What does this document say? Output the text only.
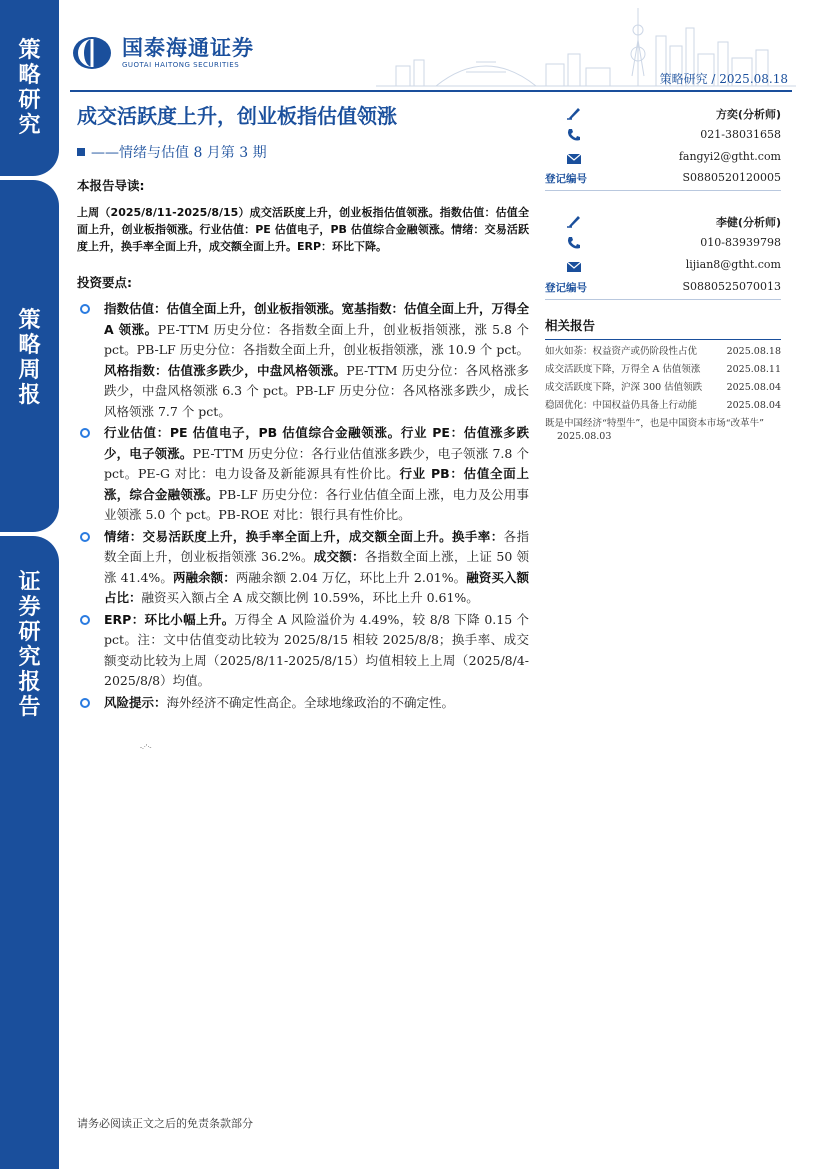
策
略
研
究
策
略
周
报
证
券
研
究
报
告
国泰海通证券
GUOTAI HAITONG SECURITIES
策略研究 / 2025.08.18
成交活跃度上升，创业板指估值领涨
——情绪与估值 8 月第 3 期
本报告导读:
上周（2025/8/11-2025/8/15）成交活跃度上升，创业板指估值领涨。指数估值：估值全面上升，创业板指领涨。行业估值：PE 估值电子，PB 估值综合金融领涨。情绪：交易活跃度上升，换手率全面上升，成交额全面上升。ERP：环比下降。
投资要点:
指数估值：估值全面上升，创业板指领涨。宽基指数：估值全面上升，万得全 A 领涨。PE-TTM 历史分位：各指数全面上升，创业板指领涨，涨 5.8 个 pct。PB-LF 历史分位：各指数全面上升，创业板指领涨，涨 10.9 个 pct。风格指数：估值涨多跌少，中盘风格领涨。PE-TTM 历史分位：各风格涨多跌少，中盘风格领涨 6.3 个 pct。PB-LF 历史分位：各风格涨多跌少，成长风格领涨 7.7 个 pct。
行业估值：PE 估值电子，PB 估值综合金融领涨。行业 PE：估值涨多跌少，电子领涨。PE-TTM 历史分位：各行业估值涨多跌少，电子领涨 7.8 个 pct。PE-G 对比：电力设备及新能源具有性价比。行业 PB：估值全面上涨，综合金融领涨。PB-LF 历史分位：各行业估值全面上涨，电力及公用事业领涨 5.0 个 pct。PB-ROE 对比：银行具有性价比。
情绪：交易活跃度上升，换手率全面上升，成交额全面上升。换手率：各指数全面上升，创业板指领涨 36.2%。成交额：各指数全面上涨，上证 50 领涨 41.4%。两融余额：两融余额 2.04 万亿，环比上升 2.01%。融资买入额占比：融资买入额占全 A 成交额比例 10.59%，环比上升 0.61%。
ERP：环比小幅上升。万得全 A 风险溢价为 4.49%，较 8/8 下降 0.15 个 pct。注：文中估值变动比较为 2025/8/15 相较 2025/8/8；换手率、成交额变动比较为上周（2025/8/11-2025/8/15）均值相较上上周（2025/8/4-2025/8/8）均值。
风险提示：海外经济不确定性高企。全球地缘政治的不确定性。
-.·'·-
方奕(分析师)
021-38031658
fangyi2@gtht.com
登记编号	S0880520120005
李健(分析师)
010-83939798
lijian8@gtht.com
登记编号	S0880525070013
相关报告
如火如荼：权益资产或仍阶段性占优	2025.08.18
成交活跃度下降，万得全 A 估值领涨	2025.08.11
成交活跃度下降，沪深 300 估值领跌	2025.08.04
稳固优化：中国权益仍具备上行动能	2025.08.04
既是中国经济“特型牛”，也是中国资本市场“改革牛” 2025.08.03
请务必阅读正文之后的免责条款部分
